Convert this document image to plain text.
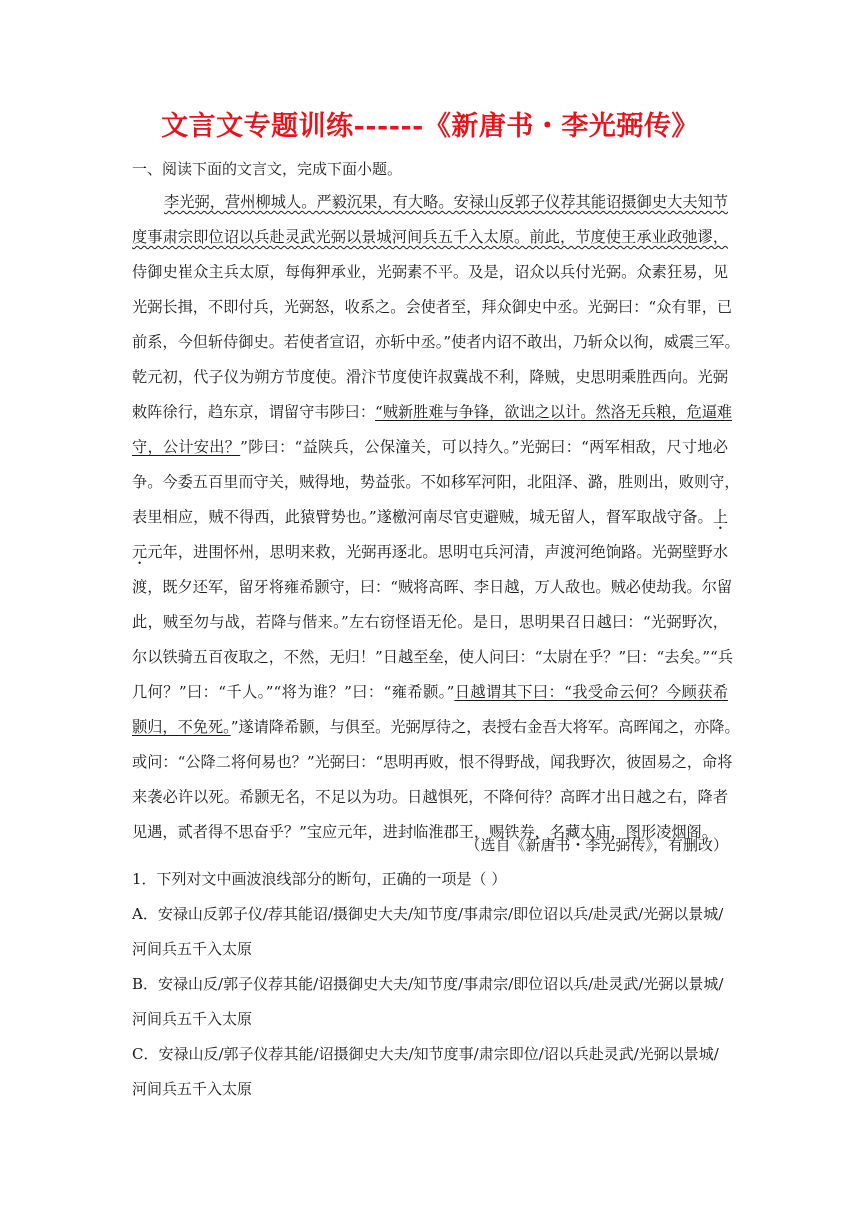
文言文专题训练------《新唐书・李光弼传》
一、阅读下面的文言文，完成下面小题。
李光弼，营州柳城人。严毅沉果，有大略。安禄山反郭子仪荐其能诏摄御史大夫知节
度事肃宗即位诏以兵赴灵武光弼以景城河间兵五千入太原。前此，节度使王承业政弛谬，
侍御史崔众主兵太原，每侮狎承业，光弼素不平。及是，诏众以兵付光弼。众素狂易，见
光弼长揖，不即付兵，光弼怒，收系之。会使者至，拜众御史中丞。光弼曰：“众有罪，已
前系，今但斩侍御史。若使者宣诏，亦斩中丞。”使者内诏不敢出，乃斩众以徇，威震三军。
乾元初，代子仪为朔方节度使。滑汴节度使许叔冀战不利，降贼，史思明乘胜西向。光弼
敕阵徐行，趋东京，谓留守韦陟曰：“贼新胜难与争锋，欲诎之以计。然洛无兵粮，危逼难
守，公计安出？”陟曰：“益陕兵，公保潼关，可以持久。”光弼曰：“两军相敌，尺寸地必
争。今委五百里而守关，贼得地，势益张。不如移军河阳，北阻泽、潞，胜则出，败则守，
表里相应，贼不得西，此猿臂势也。”遂檄河南尽官吏避贼，城无留人，督军取战守备。上
元元年，进围怀州，思明来救，光弼再逐北。思明屯兵河清，声渡河绝饷路。光弼壁野水
渡，既夕还军，留牙将雍希颢守，曰：“贼将高晖、李日越，万人敌也。贼必使劫我。尔留
此，贼至勿与战，若降与偕来。”左右窃怪语无伦。是日，思明果召日越曰：“光弼野次，
尔以铁骑五百夜取之，不然，无归！”日越至垒，使人问曰：“太尉在乎？”曰：“去矣。”“兵
几何？”曰：“千人。”“将为谁？”曰：“雍希颢。”日越谓其下曰：“我受命云何？今顾获希
颢归，不免死。”遂请降希颢，与俱至。光弼厚待之，表授右金吾大将军。高晖闻之，亦降。
或问：“公降二将何易也？”光弼曰：“思明再败，恨不得野战，闻我野次，彼固易之，命将
来袭必许以死。希颢无名，不足以为功。日越惧死，不降何待？高晖才出日越之右，降者
见遇，贰者得不思奋乎？”宝应元年，进封临淮郡王，赐铁券，名藏太庙，图形凌烟阁。
（选自《新唐书・李光弼传》，有删改）
1．下列对文中画波浪线部分的断句，正确的一项是（ ）
A．安禄山反郭子仪/荐其能诏/摄御史大夫/知节度/事肃宗/即位诏以兵/赴灵武/光弼以景城/
河间兵五千入太原
B．安禄山反/郭子仪荐其能/诏摄御史大夫/知节度/事肃宗/即位诏以兵/赴灵武/光弼以景城/
河间兵五千入太原
C．安禄山反/郭子仪荐其能/诏摄御史大夫/知节度事/肃宗即位/诏以兵赴灵武/光弼以景城/
河间兵五千入太原
